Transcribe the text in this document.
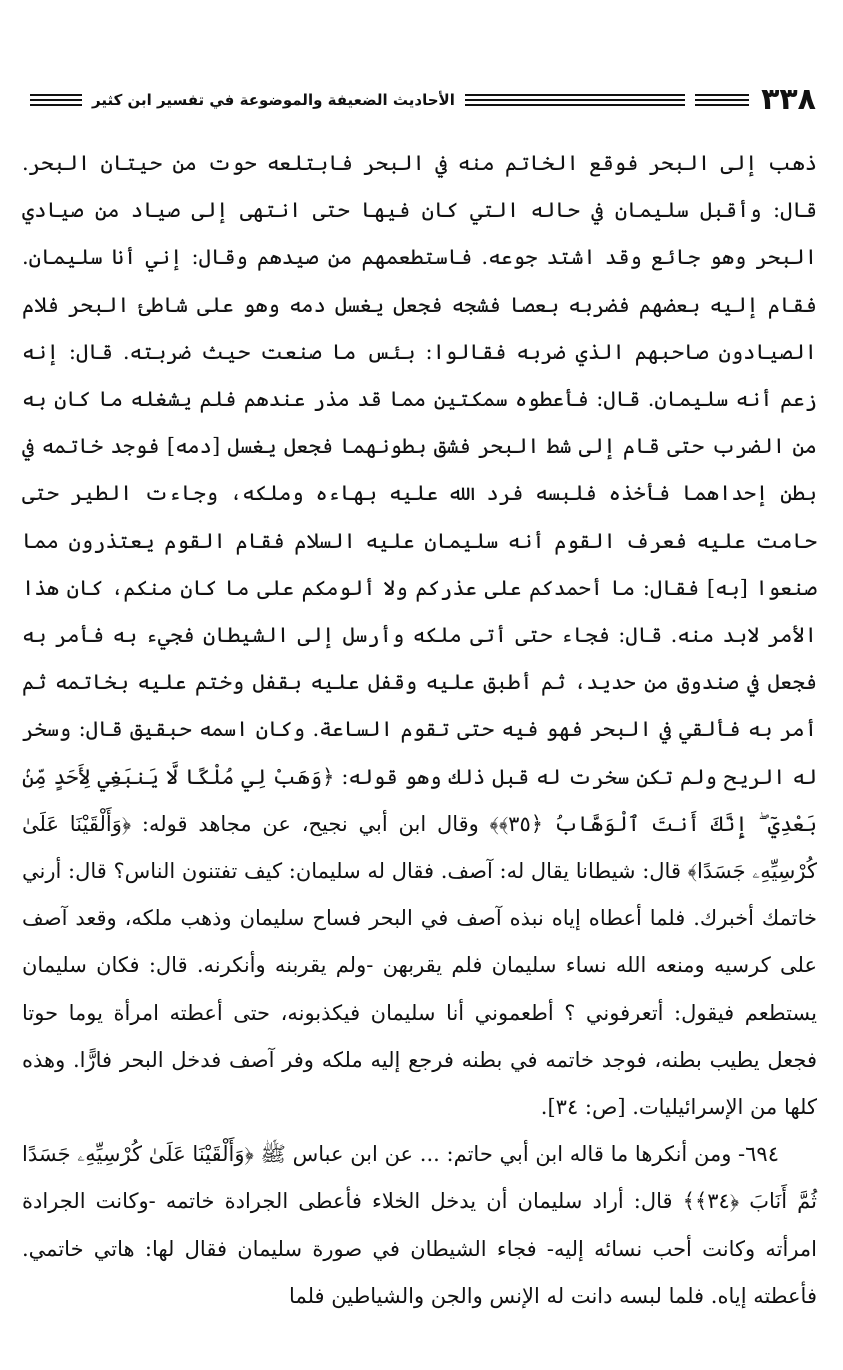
٣٣٨
الأحاديث الضعيفة والموضوعة في تفسير ابن كثير

ذهب إلى البحر فوقع الخاتم منه في البحر فابتلعه حوت من حيتان البحر. قال: وأقبل سليمان في حاله التي كان فيها حتى انتهى إلى صياد من صيادي البحر وهو جائع وقد اشتد جوعه. فاستطعمهم من صيدهم وقال: إني أنا سليمان. فقام إليه بعضهم فضربه بعصا فشجه فجعل يغسل دمه وهو على شاطئ البحر فلام الصيادون صاحبهم الذي ضربه فقالوا: بئس ما صنعت حيث ضربته. قال: إنه زعم أنه سليمان. قال: فأعطوه سمكتين مما قد مذر عندهم فلم يشغله ما كان به من الضرب حتى قام إلى شط البحر فشق بطونهما فجعل يغسل [دمه] فوجد خاتمه في بطن إحداهما فأخذه فلبسه فرد الله عليه بهاءه وملكه، وجاءت الطير حتى حامت عليه فعرف القوم أنه سليمان عليه السلام فقام القوم يعتذرون مما صنعوا [به] فقال: ما أحمدكم على عذركم ولا ألومكم على ما كان منكم، كان هذا الأمر لابد منه. قال: فجاء حتى أتى ملكه وأرسل إلى الشيطان فجيء به فأمر به فجعل في صندوق من حديد، ثم أطبق عليه وقفل عليه بقفل وختم عليه بخاتمه ثم أمر به فألقي في البحر فهو فيه حتى تقوم الساعة. وكان اسمه حبقيق قال: وسخر له الريح ولم تكن سخرت له قبل ذلك وهو قوله: ﴿وَهَبْ لِي مُلْكًا لَّا يَنبَغِي لِأَحَدٍ مِّنۢ بَعْدِيٓ ۖ إِنَّكَ أَنتَ ٱلْوَهَّابُ ﴿٣٥﴾﴾ وقال ابن أبي نجيح، عن مجاهد قوله: ﴿وَأَلْقَيْنَا عَلَىٰ كُرْسِيِّهِۦ جَسَدًا﴾ قال: شيطانا يقال له: آصف. فقال له سليمان: كيف تفتنون الناس؟ قال: أرني خاتمك أخبرك. فلما أعطاه إياه نبذه آصف في البحر فساح سليمان وذهب ملكه، وقعد آصف على كرسيه ومنعه الله نساء سليمان فلم يقربهن -ولم يقربنه وأنكرنه. قال: فكان سليمان يستطعم فيقول: أتعرفوني ؟ أطعموني أنا سليمان فيكذبونه، حتى أعطته امرأة يوما حوتا فجعل يطيب بطنه، فوجد خاتمه في بطنه فرجع إليه ملكه وفر آصف فدخل البحر فارًّا. وهذه كلها من الإسرائيليات. [ص: ٣٤].

٦٩٤- ومن أنكرها ما قاله ابن أبي حاتم: ... عن ابن عباس ﷺ ﴿وَأَلْقَيْنَا عَلَىٰ كُرْسِيِّهِۦ جَسَدًا ثُمَّ أَنَابَ ﴿٣٤﴾﴾ قال: أراد سليمان أن يدخل الخلاء فأعطى الجرادة خاتمه -وكانت الجرادة امرأته وكانت أحب نسائه إليه- فجاء الشيطان في صورة سليمان فقال لها: هاتي خاتمي. فأعطته إياه. فلما لبسه دانت له الإنس والجن والشياطين فلما
